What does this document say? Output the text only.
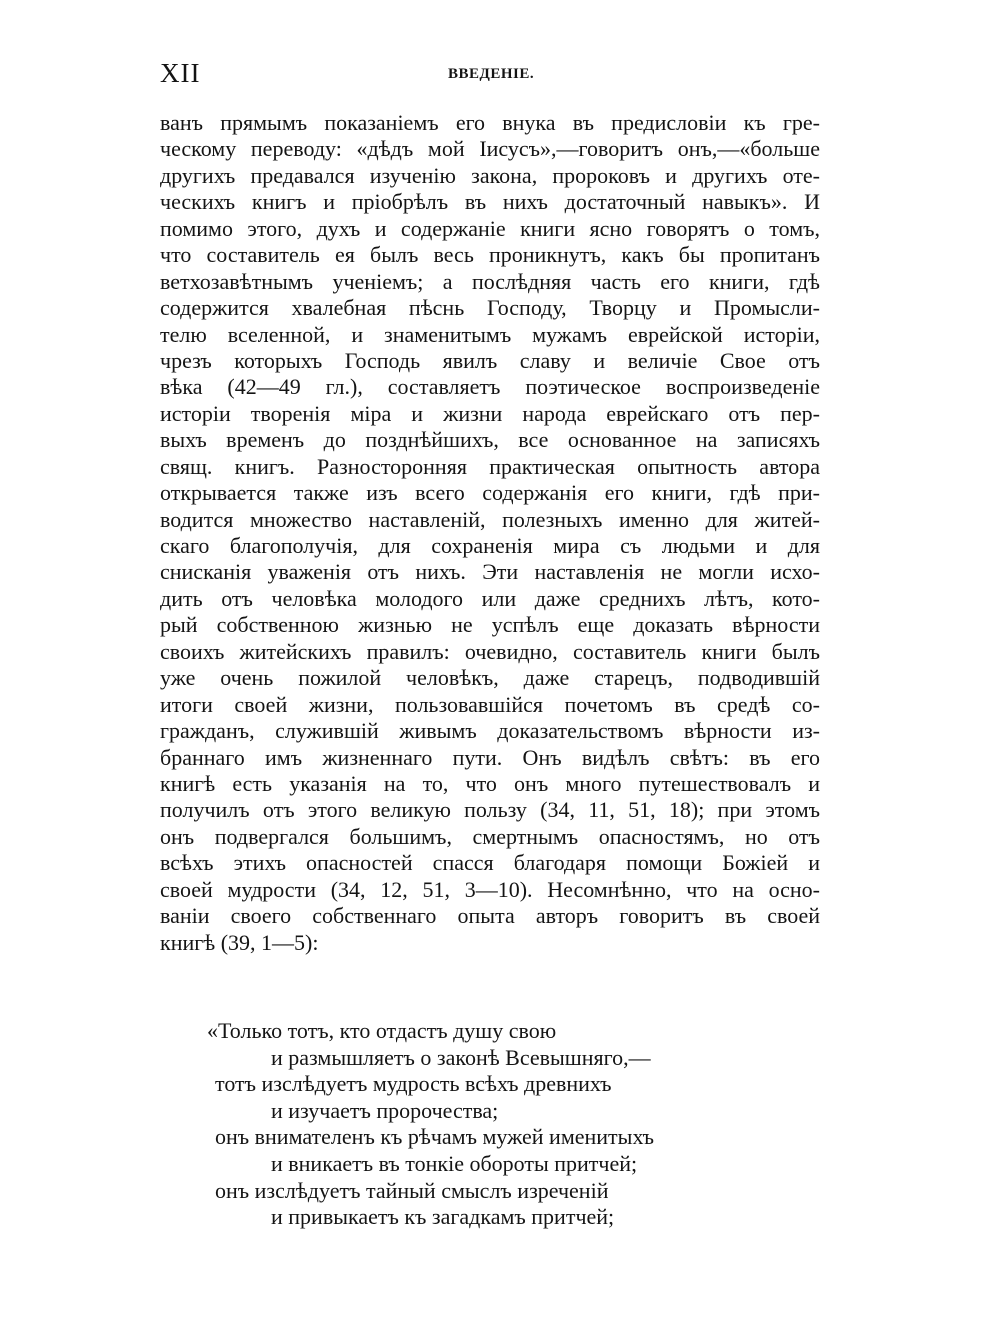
XII	ВВЕДЕНІЕ.
ванъ прямымъ показаніемъ его внука въ предисловіи къ гре-
ческому переводу: «дѣдъ мой Іисусъ»,—говоритъ онъ,—«больше
другихъ предавался изученію закона, пророковъ и другихъ оте-
ческихъ книгъ и пріобрѣлъ въ нихъ достаточный навыкъ». И
помимо этого, духъ и содержаніе книги ясно говорятъ о томъ,
что составитель ея былъ весь проникнутъ, какъ бы пропитанъ
ветхозавѣтнымъ ученіемъ; а послѣдняя часть его книги, гдѣ
содержится хвалебная пѣснь Господу, Творцу и Промысли-
телю вселенной, и знаменитымъ мужамъ еврейской исторіи,
чрезъ которыхъ Господь явилъ славу и величіе Свое отъ
вѣка (42—49 гл.), составляетъ поэтическое воспроизведеніе
исторіи творенія міра и жизни народа еврейскаго отъ пер-
выхъ временъ до позднѣйшихъ, все основанное на записяхъ
свящ. книгъ. Разносторонняя практическая опытность автора
открывается также изъ всего содержанія его книги, гдѣ при-
водится множество наставленій, полезныхъ именно для житей-
скаго благополучія, для сохраненія мира съ людьми и для
снисканія уваженія отъ нихъ. Эти наставленія не могли исхо-
дить отъ человѣка молодого или даже среднихъ лѣтъ, кото-
рый собственною жизнью не успѣлъ еще доказать вѣрности
своихъ житейскихъ правилъ: очевидно, составитель книги былъ
уже очень пожилой человѣкъ, даже старецъ, подводившій
итоги своей жизни, пользовавшійся почетомъ въ средѣ со-
гражданъ, служившій живымъ доказательствомъ вѣрности из-
браннаго имъ жизненнаго пути. Онъ видѣлъ свѣтъ: въ его
книгѣ есть указанія на то, что онъ много путешествовалъ и
получилъ отъ этого великую пользу (34, 11, 51, 18); при этомъ
онъ подвергался большимъ, смертнымъ опасностямъ, но отъ
всѣхъ этихъ опасностей спасся благодаря помощи Божіей и
своей мудрости (34, 12, 51, 3—10). Несомнѣнно, что на осно-
ваніи своего собственнаго опыта авторъ говоритъ въ своей
книгѣ (39, 1—5):
«Только тотъ, кто отдастъ душу свою
и размышляетъ о законѣ Всевышняго,—
тотъ изслѣдуетъ мудрость всѣхъ древнихъ
и изучаетъ пророчества;
онъ внимателенъ къ рѣчамъ мужей именитыхъ
и вникаетъ въ тонкіе обороты притчей;
онъ изслѣдуетъ тайный смыслъ изреченій
и привыкаетъ къ загадкамъ притчей;
